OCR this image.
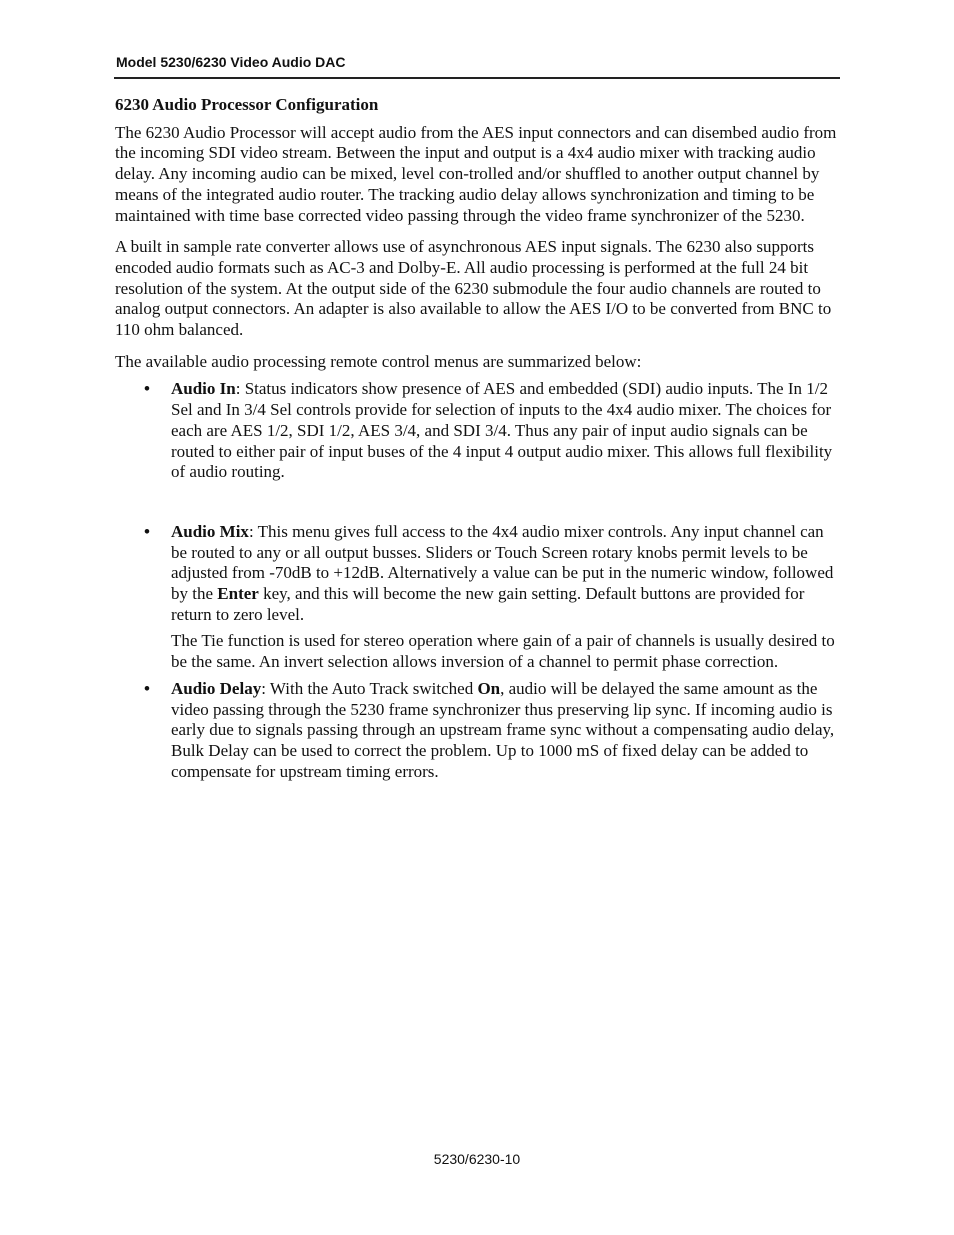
Model 5230/6230 Video Audio DAC
6230 Audio Processor Configuration

The 6230 Audio Processor will accept audio from the AES input connectors and can disembed audio from the incoming SDI video stream. Between the input and output is a 4x4 audio mixer with tracking audio delay. Any incoming audio can be mixed, level con-trolled and/or shuffled to another output channel by means of the integrated audio router. The tracking audio delay allows synchronization and timing to be maintained with time base corrected video passing through the video frame synchronizer of the 5230.

A built in sample rate converter allows use of asynchronous AES input signals. The 6230 also supports encoded audio formats such as AC-3 and Dolby-E. All audio processing is performed at the full 24 bit resolution of the system. At the output side of the 6230 submodule the four audio channels are routed to analog output connectors. An adapter is also available to allow the AES I/O to be converted from BNC to 110 ohm balanced.

The available audio processing remote control menus are summarized below:

• Audio In: Status indicators show presence of AES and embedded (SDI) audio inputs. The In 1/2 Sel and In 3/4 Sel controls provide for selection of inputs to the 4x4 audio mixer. The choices for each are AES 1/2, SDI 1/2, AES 3/4, and SDI 3/4. Thus any pair of input audio signals can be routed to either pair of input buses of the 4 input 4 output audio mixer. This allows full flexibility of audio routing.

• Audio Mix: This menu gives full access to the 4x4 audio mixer controls. Any input channel can be routed to any or all output busses. Sliders or Touch Screen rotary knobs permit levels to be adjusted from -70dB to +12dB. Alternatively a value can be put in the numeric window, followed by the Enter key, and this will become the new gain setting. Default buttons are provided for return to zero level.

The Tie function is used for stereo operation where gain of a pair of channels is usually desired to be the same. An invert selection allows inversion of a channel to permit phase correction.

• Audio Delay: With the Auto Track switched On, audio will be delayed the same amount as the video passing through the 5230 frame synchronizer thus preserving lip sync. If incoming audio is early due to signals passing through an upstream frame sync without a compensating audio delay, Bulk Delay can be used to correct the problem. Up to 1000 mS of fixed delay can be added to compensate for upstream timing errors.

5230/6230-10
